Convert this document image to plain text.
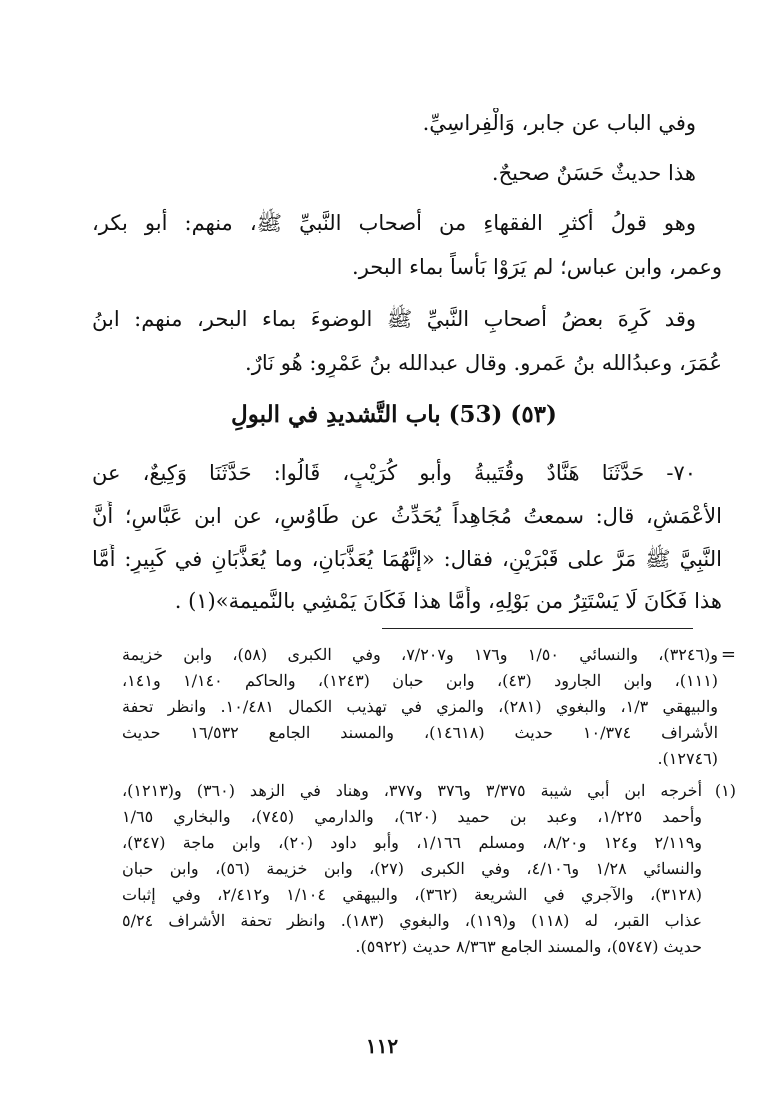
وفي الباب عن جابر، وَالْفِراسِيِّ.
هذا حديثٌ حَسَنٌ صحيحٌ.
وهو قولُ أكثرِ الفقهاءِ من أصحاب النَّبيِّ ﷺ، منهم: أبو بكر،
وعمر، وابن عباس؛ لم يَرَوْا بَأْساً بماء البحر.
وقد كَرِهَ بعضُ أصحابِ النَّبيِّ ﷺ الوضوءَ بماء البحر، منهم: ابنُ
عُمَرَ، وعبدُالله بنُ عَمرو. وقال عبدالله بنُ عَمْرٍو: هُو نَارٌ.
٧٠- حَدَّثَنَا هَنَّادٌ وقُتَيبةُ وأبو كُرَيْبٍ، قَالُوا: حَدَّثَنَا وَكِيعٌ، عن
الأعْمَشِ، قال: سمعتُ مُجَاهِداً يُحَدِّثُ عن طَاوُسٍ، عن ابن عَبَّاسٍ؛ أَنَّ
النَّبِيَّ ﷺ مَرَّ على قَبْرَيْنِ، فقال: «إنَّهُمَا يُعَذَّبَانِ، وما يُعَذَّبَانِ في كَبِيرٍ: أَمَّا
هذا فَكَانَ لَا يَسْتَتِرُ من بَوْلِهِ، وأَمَّا هذا فَكَانَ يَمْشِي بالنَّميمة»(١) .
(٥٣) (53) باب التَّشديدِ في البولِ
=
و(٣٢٤٦)، والنسائي ١/٥٠ و١٧٦ و٧/٢٠٧، وفي الكبرى (٥٨)، وابن خزيمة
(١١١)، وابن الجارود (٤٣)، وابن حبان (١٢٤٣)، والحاكم ١/١٤٠ و١٤١،
والبيهقي ١/٣، والبغوي (٢٨١)، والمزي في تهذيب الكمال ١٠/٤٨١. وانظر تحفة
الأشراف ١٠/٣٧٤ حديث (١٤٦١٨)، والمسند الجامع ١٦/٥٣٢ حديث
(١٢٧٤٦).
(١)
أخرجه ابن أبي شيبة ٣/٣٧٥ و٣٧٦ و٣٧٧، وهناد في الزهد (٣٦٠) و(١٢١٣)،
وأحمد ١/٢٢٥، وعبد بن حميد (٦٢٠)، والدارمي (٧٤٥)، والبخاري ١/٦٥
و٢/١١٩ و١٢٤ و٨/٢٠، ومسلم ١/١٦٦، وأبو داود (٢٠)، وابن ماجة (٣٤٧)،
والنسائي ١/٢٨ و٤/١٠٦، وفي الكبرى (٢٧)، وابن خزيمة (٥٦)، وابن حبان
(٣١٢٨)، والآجري في الشريعة (٣٦٢)، والبيهقي ١/١٠٤ و٢/٤١٢، وفي إثبات
عذاب القبر، له (١١٨) و(١١٩)، والبغوي (١٨٣). وانظر تحفة الأشراف ٥/٢٤
حديث (٥٧٤٧)، والمسند الجامع ٨/٣٦٣ حديث (٥٩٢٢).
١١٢
